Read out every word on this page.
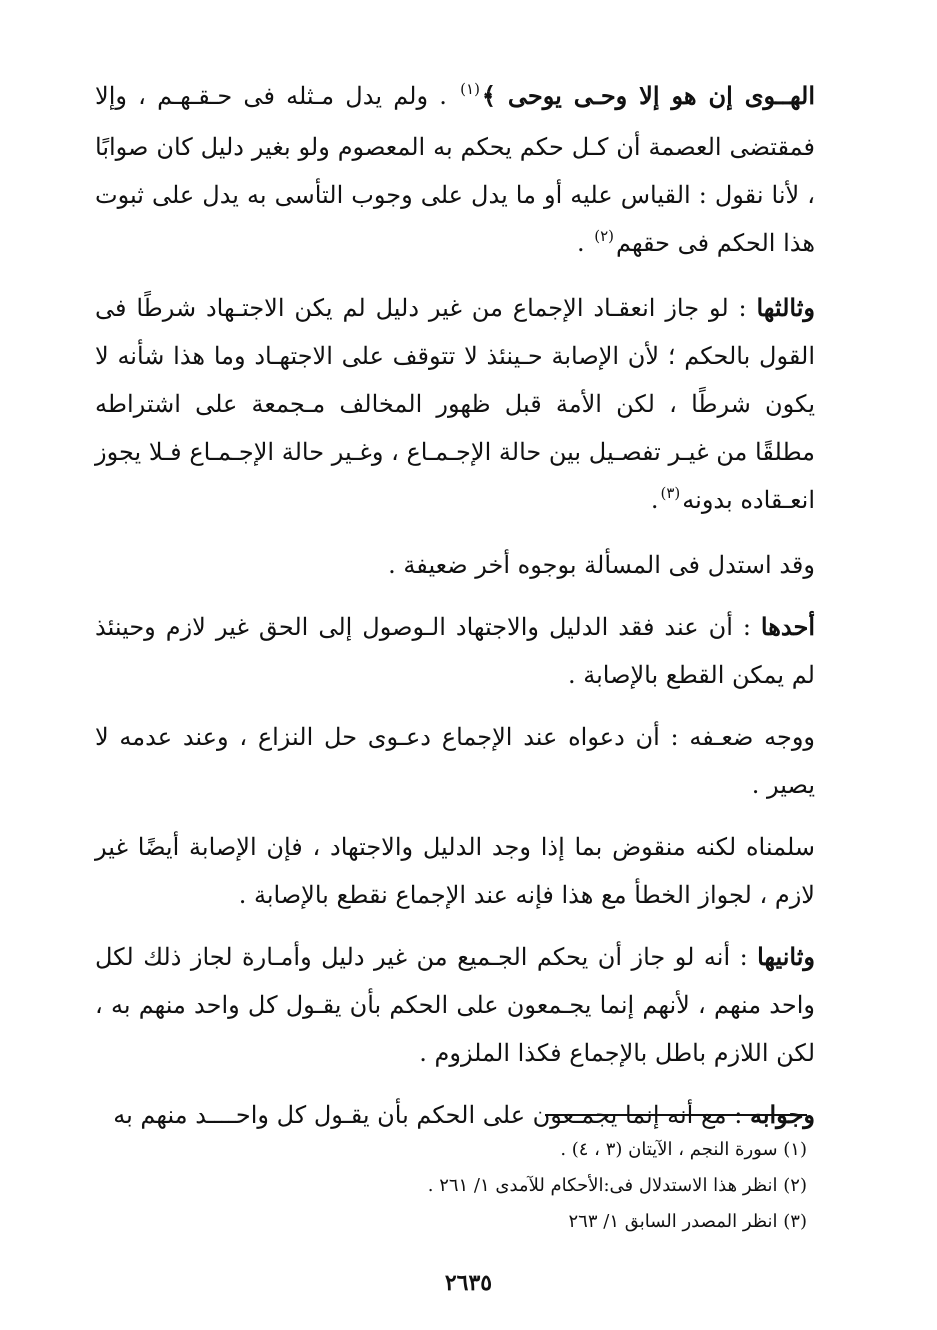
الهــوى إن هو إلا وحـى يوحى ﴾$^{(١)}$ . ولم يدل مـثله فى حـقـهـم ، وإلا فمقتضى العصمة أن كـل حكم يحكم به المعصوم ولو بغير دليل كان صوابًا ، لأنا نقول : القياس عليه أو ما يدل على وجوب التأسى به يدل على ثبوت هذا الحكم فى حقهم$^{(٢)}$ .

وثالثها : لو جاز انعقـاد الإجماع من غير دليل لم يكن الاجتـهاد شرطًا فى القول بالحكم ؛ لأن الإصابة حـينئذ لا تتوقف على الاجتهـاد وما هذا شأنه لا يكون شرطًا ، لكن الأمة قبل ظهور المخالف مـجمعة على اشتراطه مطلقًا من غيـر تفصـيل بين حالة الإجـمـاع ، وغـير حالة الإجـمـاع فـلا يجوز انعـقاده بدونه$^{(٣)}$.

وقد استدل فى المسألة بوجوه أخر ضعيفة .

أحدها : أن عند فقد الدليل والاجتهاد الـوصول إلى الحق غير لازم وحينئذ لم يمكن القطع بالإصابة .

ووجه ضعـفه : أن دعواه عند الإجماع دعـوى حل النزاع ، وعند عدمه لا يصير .

سلمناه لكنه منقوض بما إذا وجد الدليل والاجتهاد ، فإن الإصابة أيضًا غير لازم ، لجواز الخطأ مع هذا فإنه عند الإجماع نقطع بالإصابة .

وثانيها : أنه لو جاز أن يحكم الجـميع من غير دليل وأمـارة لجاز ذلك لكل واحد منهم ، لأنهم إنما يجـمعون على الحكم بأن يقـول كل واحد منهم به ، لكن اللازم باطل بالإجماع فكذا الملزوم .

وجوابه : مع أنه إنما يجمـعون على الحكم بأن يقـول كل واحــــد منهم به

(١) سورة النجم ، الآيتان (٣ ، ٤) .

(٢) انظر هذا الاستدلال فى:الأحكام للآمدى ١/ ٢٦١ .

(٣) انظر المصدر السابق ١/ ٢٦٣

٢٦٣٥
